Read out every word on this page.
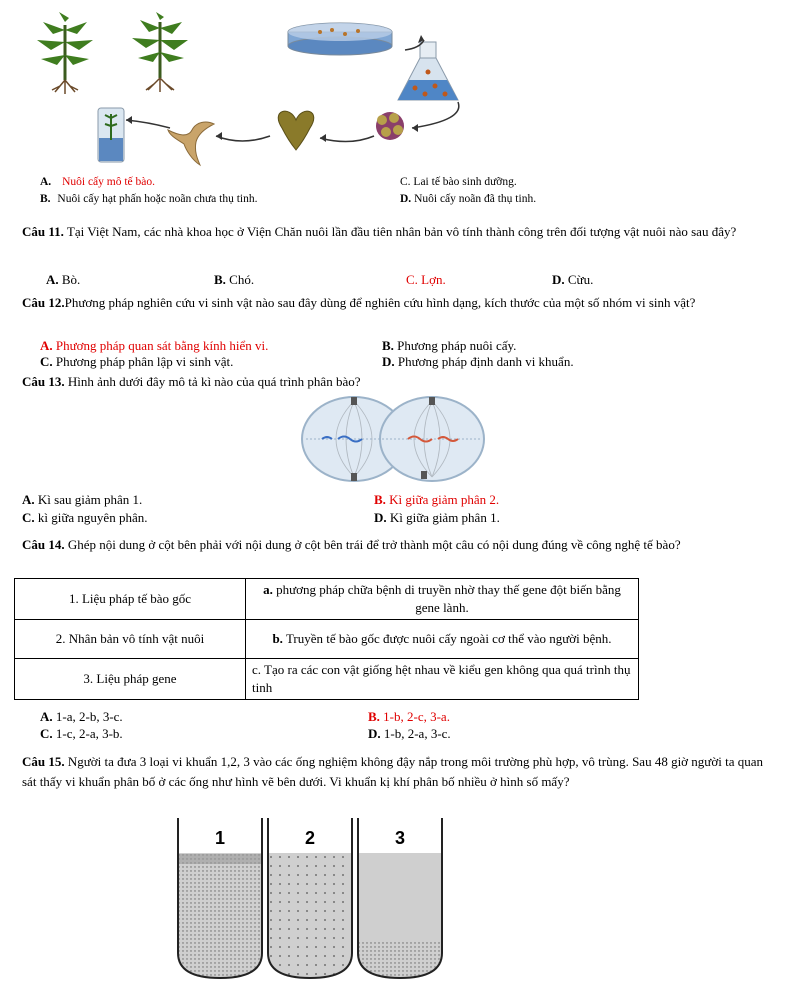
A. Nuôi cấy mô tế bào.	C. Lai tế bào sinh dưỡng.
B. Nuôi cấy hạt phấn hoặc noãn chưa thụ tinh.	D. Nuôi cấy noãn đã thụ tinh.
Câu 11. Tại Việt Nam, các nhà khoa học ở Viện Chăn nuôi lần đầu tiên nhân bản vô tính thành công trên đối tượng vật nuôi nào sau đây?
A. Bò.	B. Chó.	C. Lợn.	D. Cừu.
Câu 12.Phương pháp nghiên cứu vi sinh vật nào sau đây dùng để nghiên cứu hình dạng, kích thước của một số nhóm vi sinh vật?
A. Phương pháp quan sát bằng kính hiển vi.	B. Phương pháp nuôi cấy.
C. Phương pháp phân lập vi sinh vật.	D. Phương pháp định danh vi khuẩn.
Câu 13. Hình ảnh dưới đây mô tả kì nào của quá trình phân bào?
A. Kì sau giảm phân 1.	B. Kì giữa giảm phân 2.
C. kì giữa nguyên phân.	D. Kì giữa giảm phân 1.
Câu 14. Ghép nội dung ở cột bên phải với nội dung ở cột bên trái để trở thành một câu có nội dung đúng về công nghệ tế bào?
1. Liệu pháp tế bào gốc	a. phương pháp chữa bệnh di truyền nhờ thay thế gene đột biến bằng gene lành.
2. Nhân bản vô tính vật nuôi	b. Truyền tế bào gốc được nuôi cấy ngoài cơ thể vào người bệnh.
3. Liệu pháp gene	c. Tạo ra các con vật giống hệt nhau về kiểu gen không qua quá trình thụ tinh
A. 1-a, 2-b, 3-c.	B. 1-b, 2-c, 3-a.
C. 1-c, 2-a, 3-b.	D. 1-b, 2-a, 3-c.
Câu 15. Người ta đưa 3 loại vi khuẩn 1,2, 3 vào các ống nghiệm không đậy nắp trong môi trường phù hợp, vô trùng. Sau 48 giờ người ta quan sát thấy vi khuẩn phân bố ở các ống như hình vẽ bên dưới. Vi khuẩn kị khí phân bố nhiều ở hình số mấy?
1	2	3
